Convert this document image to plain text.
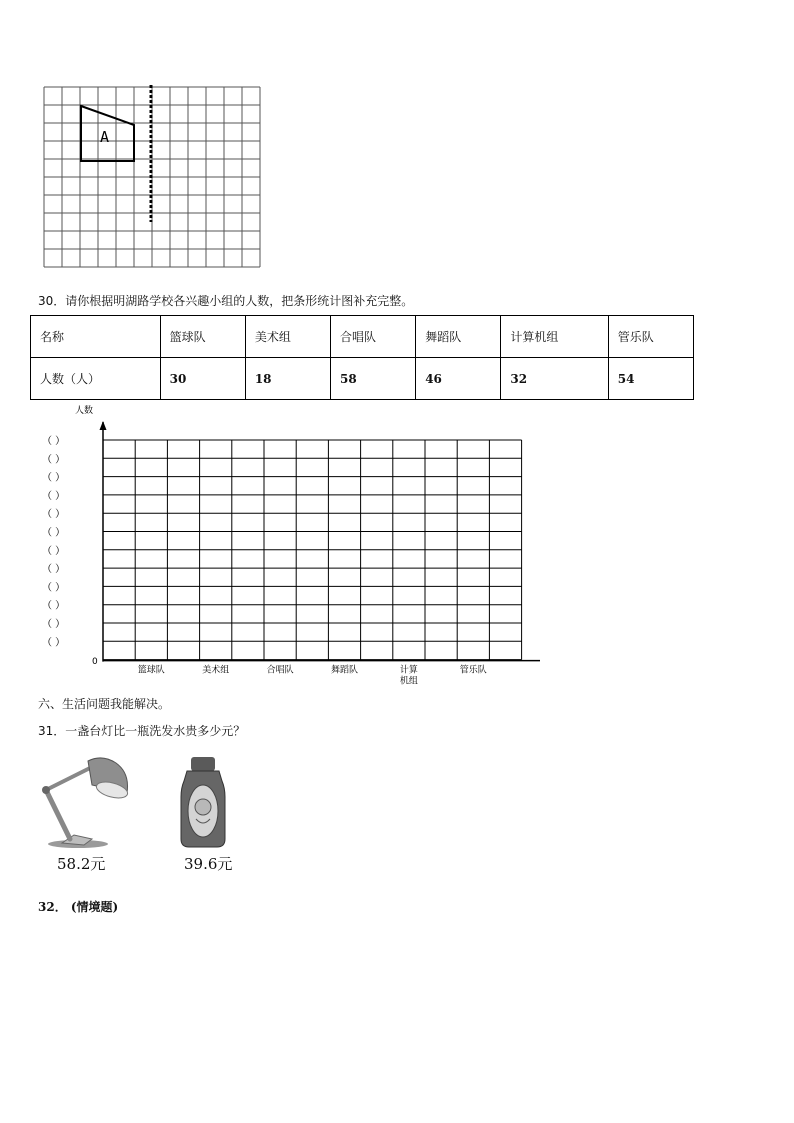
A
30．请你根据明湖路学校各兴趣小组的人数，把条形统计图补充完整。
名称	篮球队	美术组	合唱队	舞蹈队	计算机组	管乐队
人数（人）	30	18	58	46	32	54
人数
（ ）
（ ）
（ ）
（ ）
（ ）
（ ）
（ ）
（ ）
（ ）
（ ）
（ ）
（ ）
篮球队	美术组	合唱队	舞蹈队	计算机组
管乐队
0
六、生活问题我能解决。
31．一盏台灯比一瓶洗发水贵多少元？
58.2元	39.6元
32． (情境题)
